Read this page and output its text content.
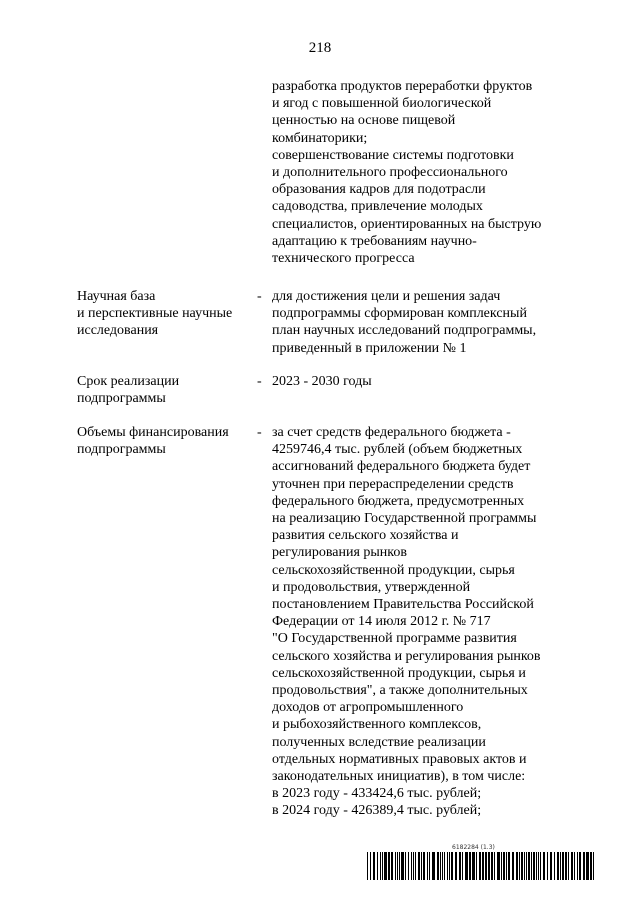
218
разработка продуктов переработки фруктов
и ягод с повышенной биологической
ценностью на основе пищевой
комбинаторики;
совершенствование системы подготовки
и дополнительного профессионального
образования кадров для подотрасли
садоводства, привлечение молодых
специалистов, ориентированных на быструю
адаптацию к требованиям научно-
технического прогресса
Научная база
и перспективные научные
исследования
- для достижения цели и решения задач
подпрограммы сформирован комплексный
план научных исследований подпрограммы,
приведенный в приложении № 1
Срок реализации
подпрограммы
- 2023 - 2030 годы
Объемы финансирования
подпрограммы
- за счет средств федерального бюджета -
4259746,4 тыс. рублей (объем бюджетных
ассигнований федерального бюджета будет
уточнен при перераспределении средств
федерального бюджета, предусмотренных
на реализацию Государственной программы
развития сельского хозяйства и
регулирования рынков
сельскохозяйственной продукции, сырья
и продовольствия, утвержденной
постановлением Правительства Российской
Федерации от 14 июля 2012 г. № 717
"О Государственной программе развития
сельского хозяйства и регулирования рынков
сельскохозяйственной продукции, сырья и
продовольствия", а также дополнительных
доходов от агропромышленного
и рыбохозяйственного комплексов,
полученных вследствие реализации
отдельных нормативных правовых актов и
законодательных инициатив), в том числе:
в 2023 году - 433424,6 тыс. рублей;
в 2024 году - 426389,4 тыс. рублей;
6182284 (1.3)
